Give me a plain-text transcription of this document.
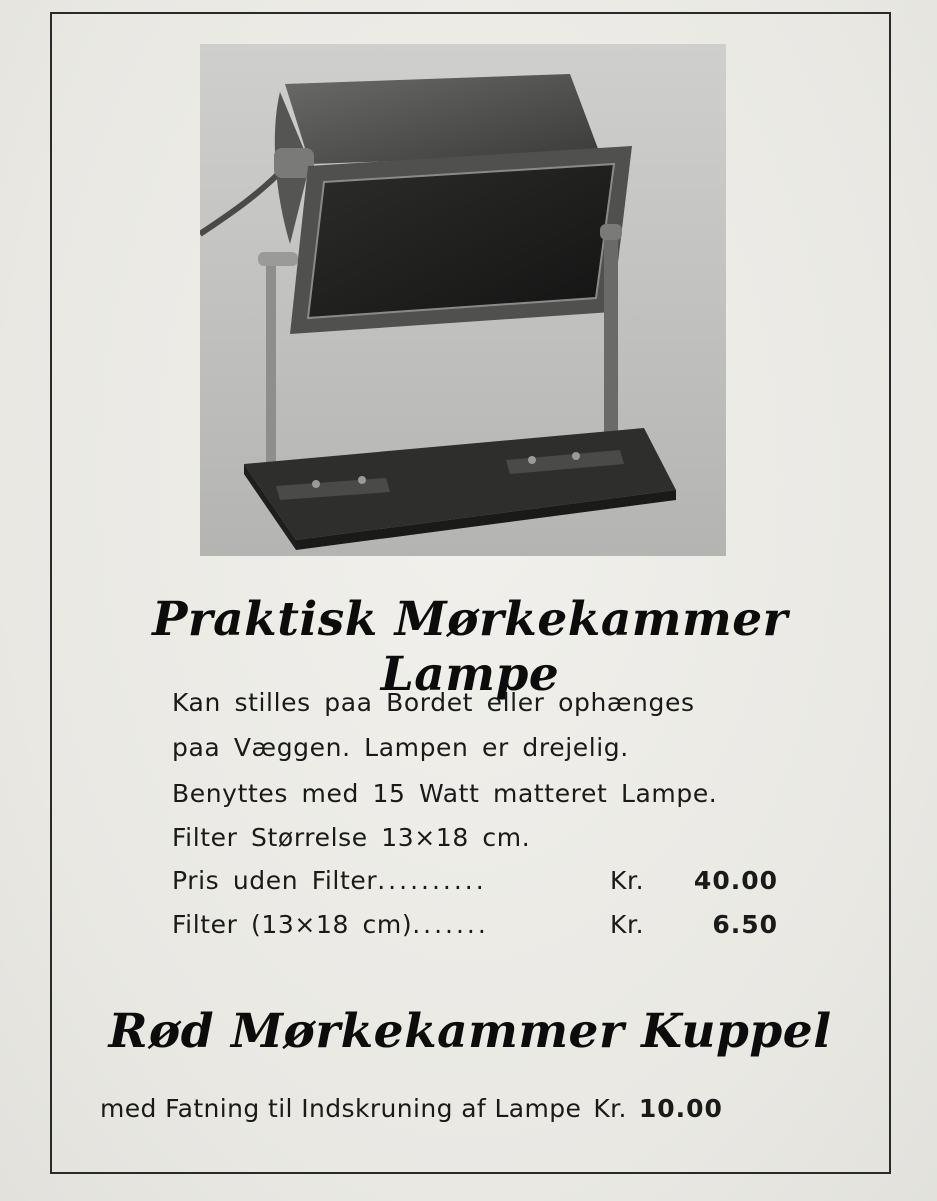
Praktisk Mørkekammer Lampe
Kan stilles paa Bordet eller ophænges
paa Væggen. Lampen er drejelig.
Benyttes med 15 Watt matteret Lampe.
Filter Størrelse 13×18 cm.
Pris uden Filter..........	Kr. 40.00
Filter (13×18 cm).......	Kr.	6.50
Rød Mørkekammer Kuppel
med Fatning til Indskruning af Lampe Kr. 10.00
